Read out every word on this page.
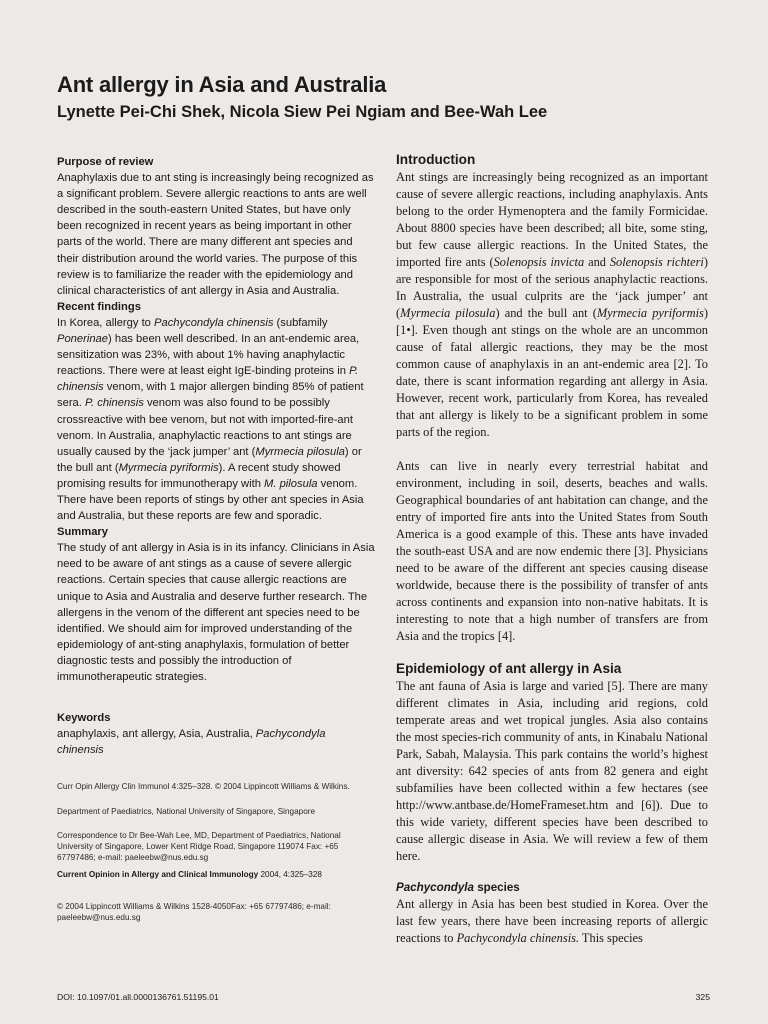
Ant allergy in Asia and Australia
Lynette Pei-Chi Shek, Nicola Siew Pei Ngiam and Bee-Wah Lee
Purpose of review

Anaphylaxis due to ant sting is increasingly being recognized as a significant problem. Severe allergic reactions to ants are well described in the south-eastern United States, but have only been recognized in recent years as being important in other parts of the world. There are many different ant species and their distribution around the world varies. The purpose of this review is to familiarize the reader with the epidemiology and clinical characteristics of ant allergy in Asia and Australia.

Recent findings

In Korea, allergy to Pachycondyla chinensis (subfamily Ponerinae) has been well described. In an ant-endemic area, sensitization was 23%, with about 1% having anaphylactic reactions. There were at least eight IgE-binding proteins in P. chinensis venom, with 1 major allergen binding 85% of patient sera. P. chinensis venom was also found to be possibly crossreactive with bee venom, but not with imported-fire-ant venom. In Australia, anaphylactic reactions to ant stings are usually caused by the ‘jack jumper’ ant (Myrmecia pilosula) or the bull ant (Myrmecia pyriformis). A recent study showed promising results for immunotherapy with M. pilosula venom. There have been reports of stings by other ant species in Asia and Australia, but these reports are few and sporadic.

Summary

The study of ant allergy in Asia is in its infancy. Clinicians in Asia need to be aware of ant stings as a cause of severe allergic reactions. Certain species that cause allergic reactions are unique to Asia and Australia and deserve further research. The allergens in the venom of the different ant species need to be identified. We should aim for improved understanding of the epidemiology of ant-sting anaphylaxis, formulation of better diagnostic tests and possibly the introduction of immunotherapeutic strategies.

Keywords

anaphylaxis, ant allergy, Asia, Australia, Pachycondyla chinensis

Curr Opin Allergy Clin Immunol 4:325–328. © 2004 Lippincott Williams & Wilkins.

Department of Paediatrics, National University of Singapore, Singapore

Correspondence to Dr Bee-Wah Lee, MD, Department of Paediatrics, National University of Singapore, Lower Kent Ridge Road, Singapore 119074 Fax: +65 67797486; e-mail: paeleebw@nus.edu.sg

Current Opinion in Allergy and Clinical Immunology 2004, 4:325–328

© 2004 Lippincott Williams & Wilkins 1528-4050Fax: +65 67797486; e-mail: paeleebw@nus.edu.sg

Introduction

Ant stings are increasingly being recognized as an important cause of severe allergic reactions, including anaphylaxis. Ants belong to the order Hymenoptera and the family Formicidae. About 8800 species have been described; all bite, some sting, but few cause allergic reactions. In the United States, the imported fire ants (Solenopsis invicta and Solenopsis richteri) are responsible for most of the serious anaphylactic reactions. In Australia, the usual culprits are the ‘jack jumper’ ant (Myrmecia pilosula) and the bull ant (Myrmecia pyriformis) [1•]. Even though ant stings on the whole are an uncommon cause of fatal allergic reactions, they may be the most common cause of anaphylaxis in an ant-endemic area [2]. To date, there is scant information regarding ant allergy in Asia. However, recent work, particularly from Korea, has revealed that ant allergy is likely to be a significant problem in some parts of the region.

Ants can live in nearly every terrestrial habitat and environment, including in soil, deserts, beaches and walls. Geographical boundaries of ant habitation can change, and the entry of imported fire ants into the United States from South America is a good example of this. These ants have invaded the south-east USA and are now endemic there [3]. Physicians need to be aware of the different ant species causing disease worldwide, because there is the possibility of transfer of ants across continents and expansion into non-native habitats. It is interesting to note that a high number of transfers are from Asia and the tropics [4].

Epidemiology of ant allergy in Asia

The ant fauna of Asia is large and varied [5]. There are many different climates in Asia, including arid regions, cold temperate areas and wet tropical jungles. Asia also contains the most species-rich community of ants, in Kinabalu National Park, Sabah, Malaysia. This park contains the world’s highest ant diversity: 642 species of ants from 82 genera and eight subfamilies have been collected within a few hectares (see http://www.antbase.de/HomeFrameset.htm and [6]). Due to this wide variety, different species have been described to cause allergic disease in Asia. We will review a few of them here.

Pachycondyla species

Ant allergy in Asia has been best studied in Korea. Over the last few years, there have been increasing reports of allergic reactions to Pachycondyla chinensis. This species

DOI: 10.1097/01.all.0000136761.51195.01	325
